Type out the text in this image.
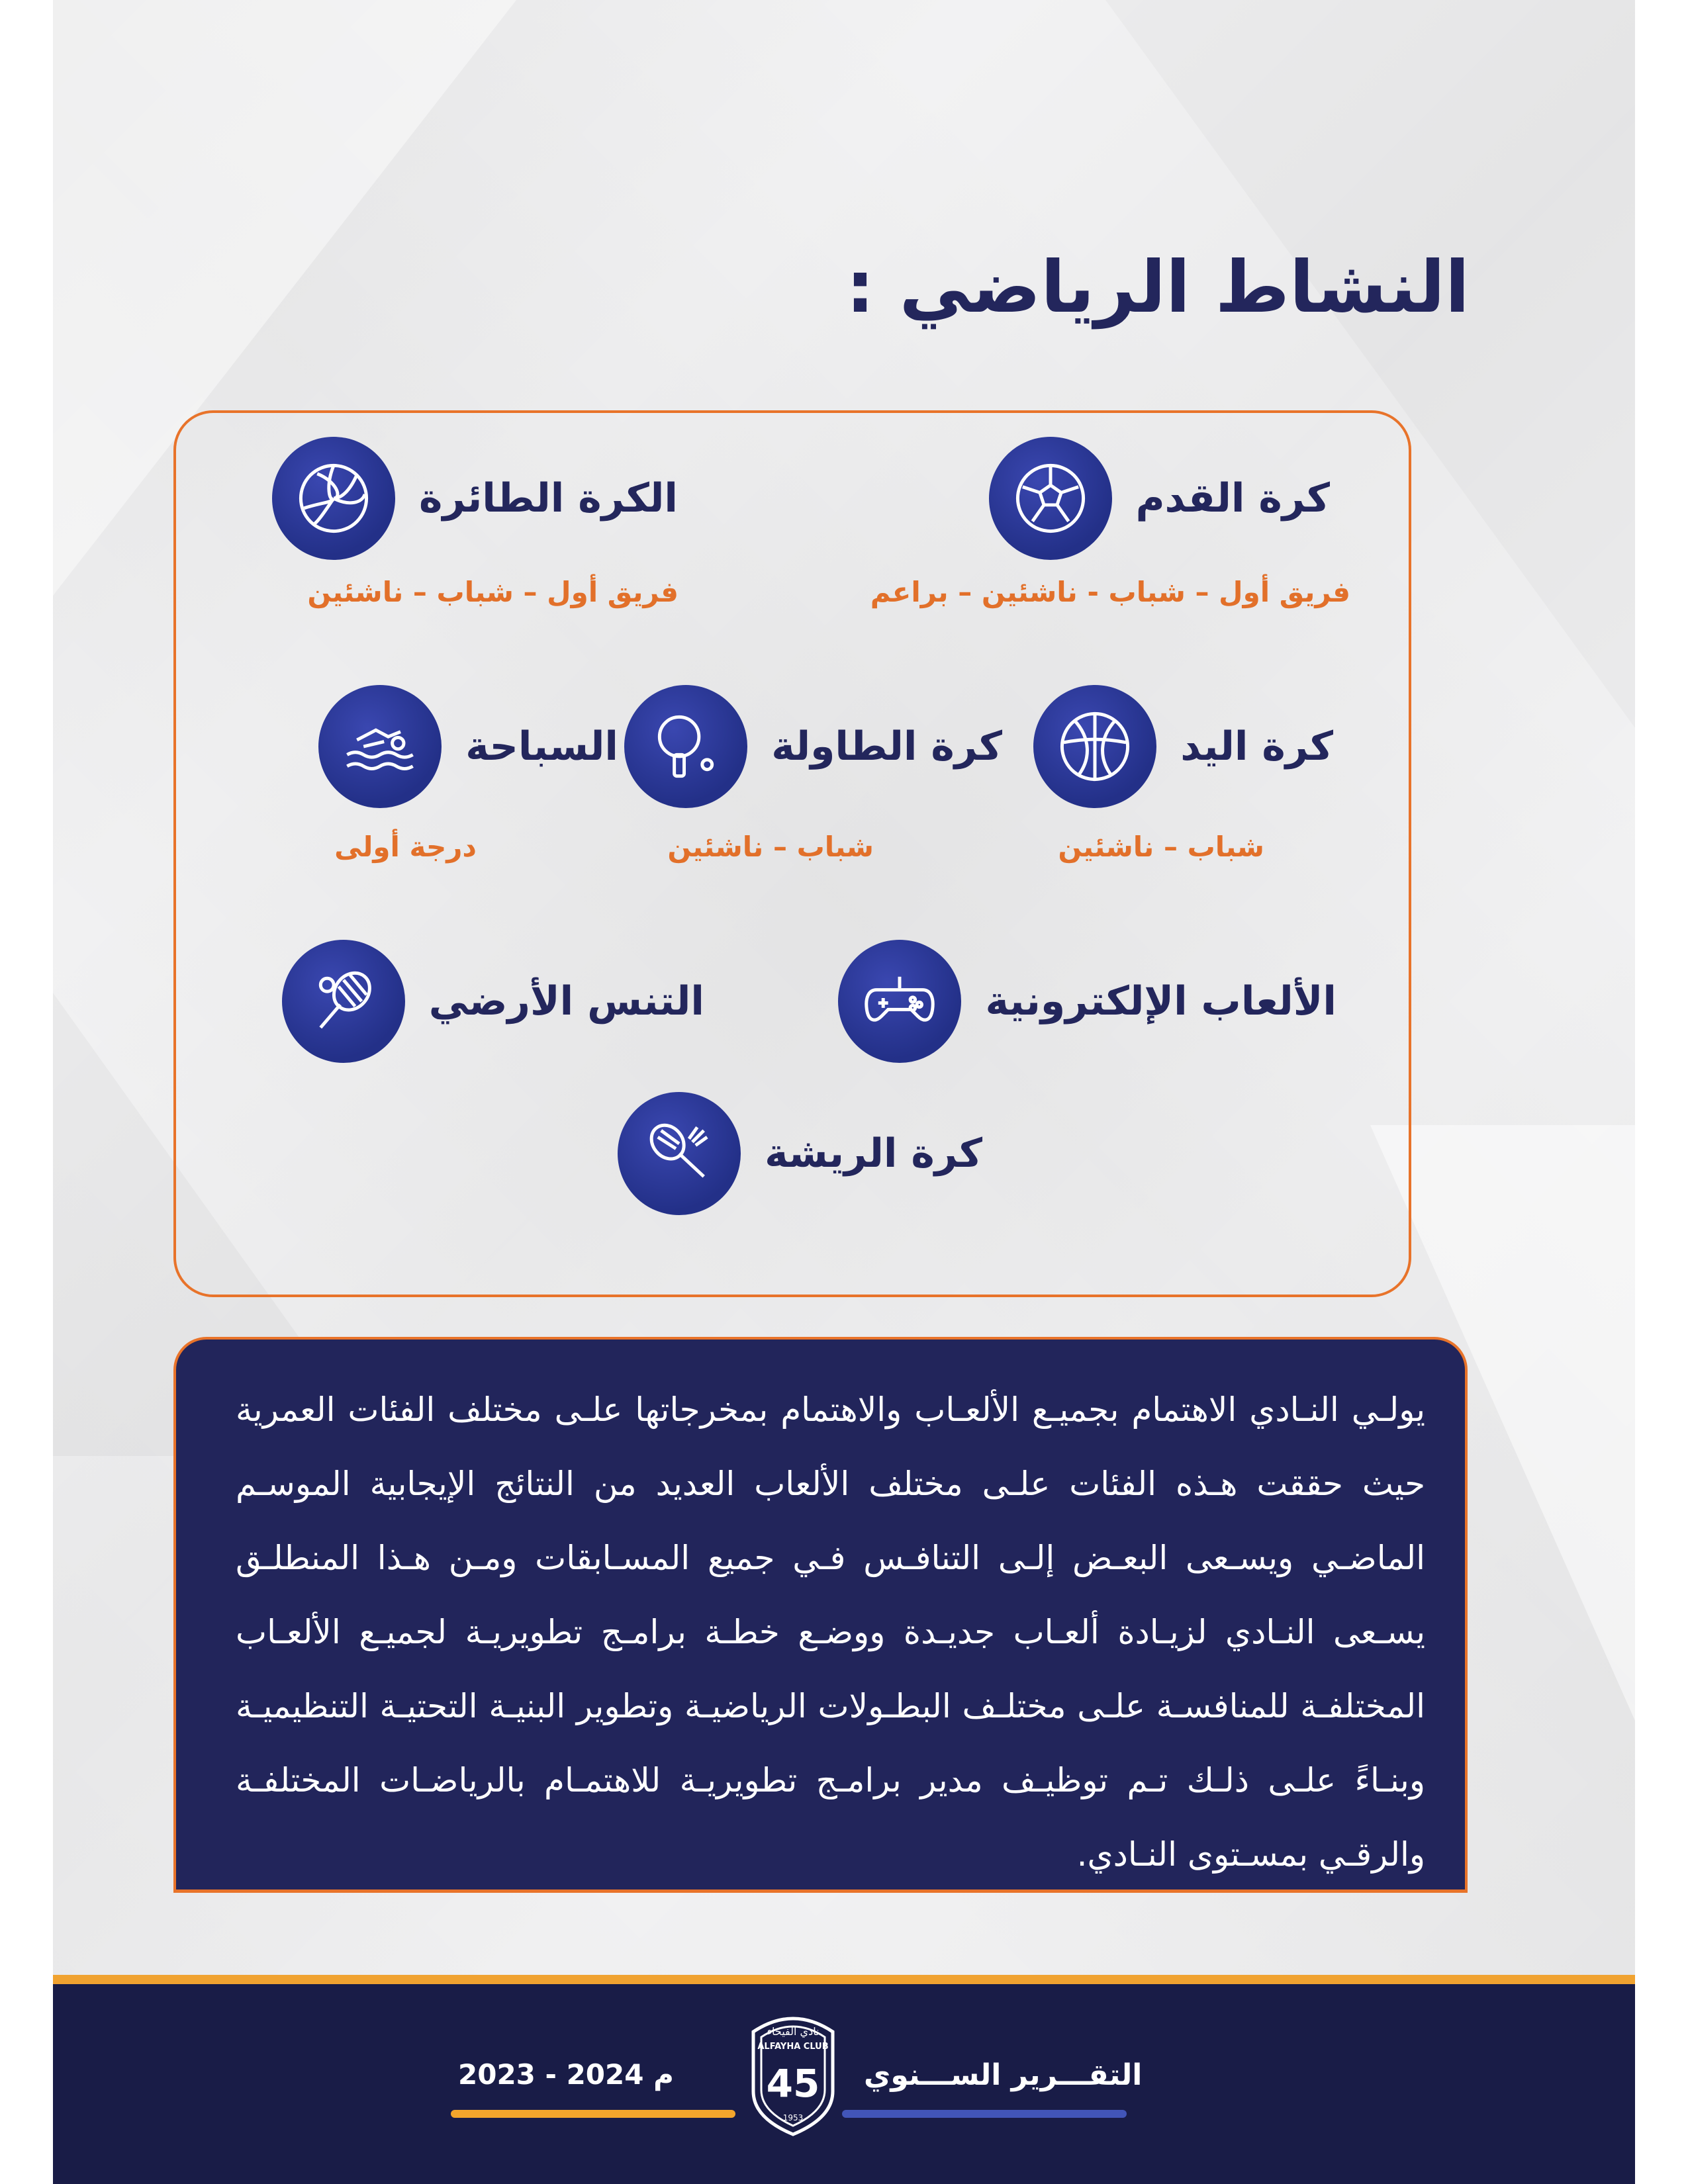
النشاط الرياضي :
كرة القدم
فريق أول – شباب - ناشئين – براعم
الكرة الطائرة
فريق أول – شباب – ناشئين
كرة اليد
شباب – ناشئين
كرة الطاولة
شباب – ناشئين
السباحة
درجة أولى
الألعاب الإلكترونية
التنس الأرضي
كرة الريشة

يولـي النـادي الاهتمام بجميـع الألعـاب والاهتمام بمخرجاتها علـى مختلف الفئات العمرية حيث حققت هـذه الفئات علـى مختلف الألعاب العديد من النتائج الإيجابية الموسـم الماضـي ويسـعى البعـض إلـى التنافـس فـي جميع المسـابقات ومـن هـذا المنطلـق يسـعى النـادي لزيـادة ألعـاب جديـدة ووضـع خطـة برامـج تطويريـة لجميـع الألعـاب المختلفـة للمنافسـة علـى مختلـف البطـولات الرياضيـة وتطوير البنيـة التحتيـة التنظيميـة وبنـاءً علـى ذلـك تـم توظيـف مدير برامـج تطويريـة للاهتمـام بالرياضـات المختلفـة والرقـي بمسـتوى النـادي.

التقـــرير الســـنوي
2023 - 2024 م
نادي الفيحاء
ALFAYHA CLUB
45
1953
